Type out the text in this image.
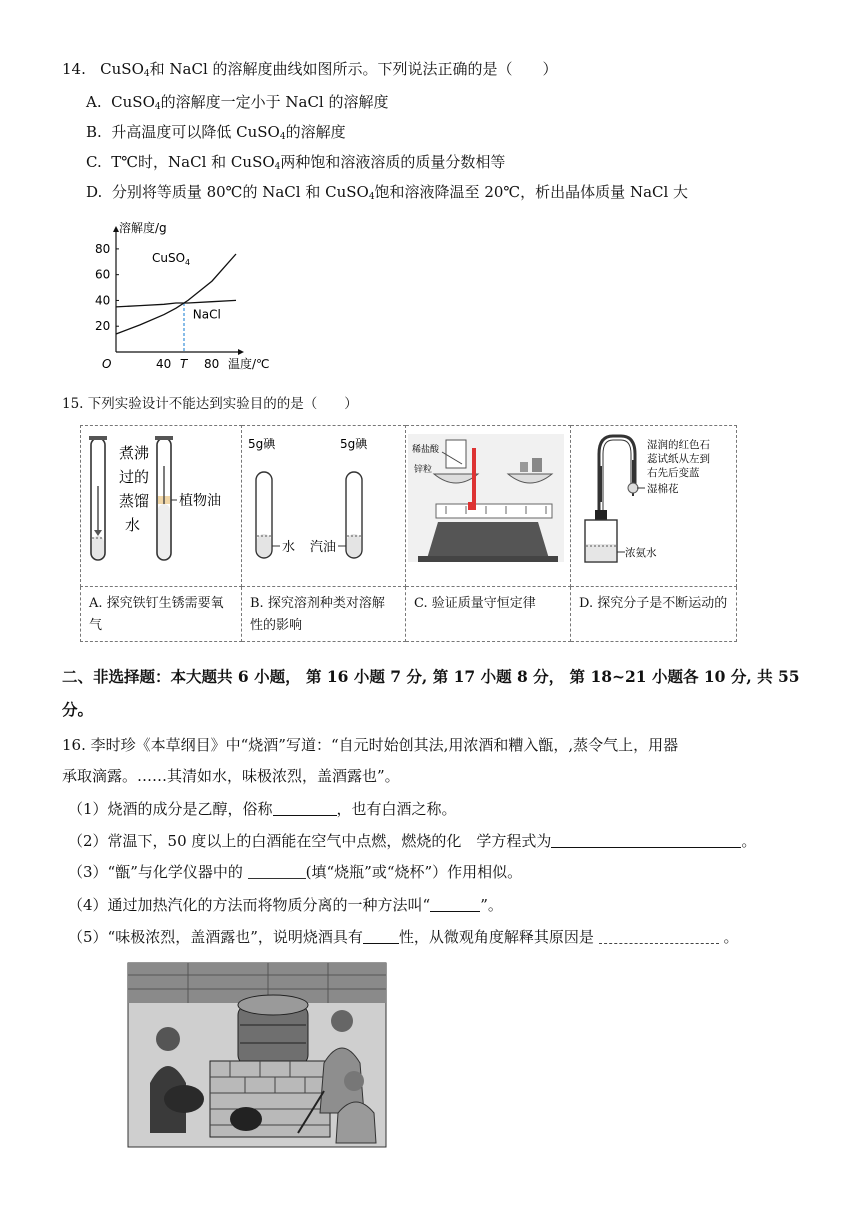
14. CuSO$_4$和 NaCl 的溶解度曲线如图所示。下列说法正确的是（　　）
A. CuSO$_4$的溶解度一定小于 NaCl 的溶解度
B. 升高温度可以降低 CuSO$_4$的溶解度
C. T℃时，NaCl 和 CuSO$_4$两种饱和溶液溶质的质量分数相等
D. 分别将等质量 80℃的 NaCl 和 CuSO$_4$饱和溶液降温至 20℃，析出晶体质量 NaCl 大
80
60
40
20
40 T 80
溶解度/g
温度/℃
O
CuSO$_4$
NaCl
15. 下列实验设计不能达到实验目的的是（　　）
植物油
煮沸
过的
蒸馏
水	5g碘 5g碘
水 汽油	稀盐酸
锌粒	湿润的红色石
蕊试纸从左到
右先后变蓝
湿棉花
浓氨水

A. 探究铁钉生锈需要氧气	B. 探究溶剂种类对溶解性的影响	C. 验证质量守恒定律	D. 探究分子是不断运动的
二、非选择题：本大题共 6 小题， 第 16 小题 7 分, 第 17 小题 8 分， 第 18~21 小题各 10 分, 共 55
分。
16. 李时珍《本草纲目》中“烧酒”写道：“自元时始创其法,用浓酒和糟入甑，,蒸令气上，用器
承取滴露。……其清如水，味极浓烈，盖酒露也”。
（1）烧酒的成分是乙醇，俗称	，也有白酒之称。
（2）常温下，50 度以上的白酒能在空气中点燃，燃烧的化　学方程式为	。
（3）“甑”与化学仪器中的	(填“烧瓶”或“烧杯”）作用相似。
（4）通过加热汽化的方法而将物质分离的一种方法叫“	”。
（5）“味极浓烈，盖酒露也”，说明烧酒具有 性，从微观角度解释其原因是	。
